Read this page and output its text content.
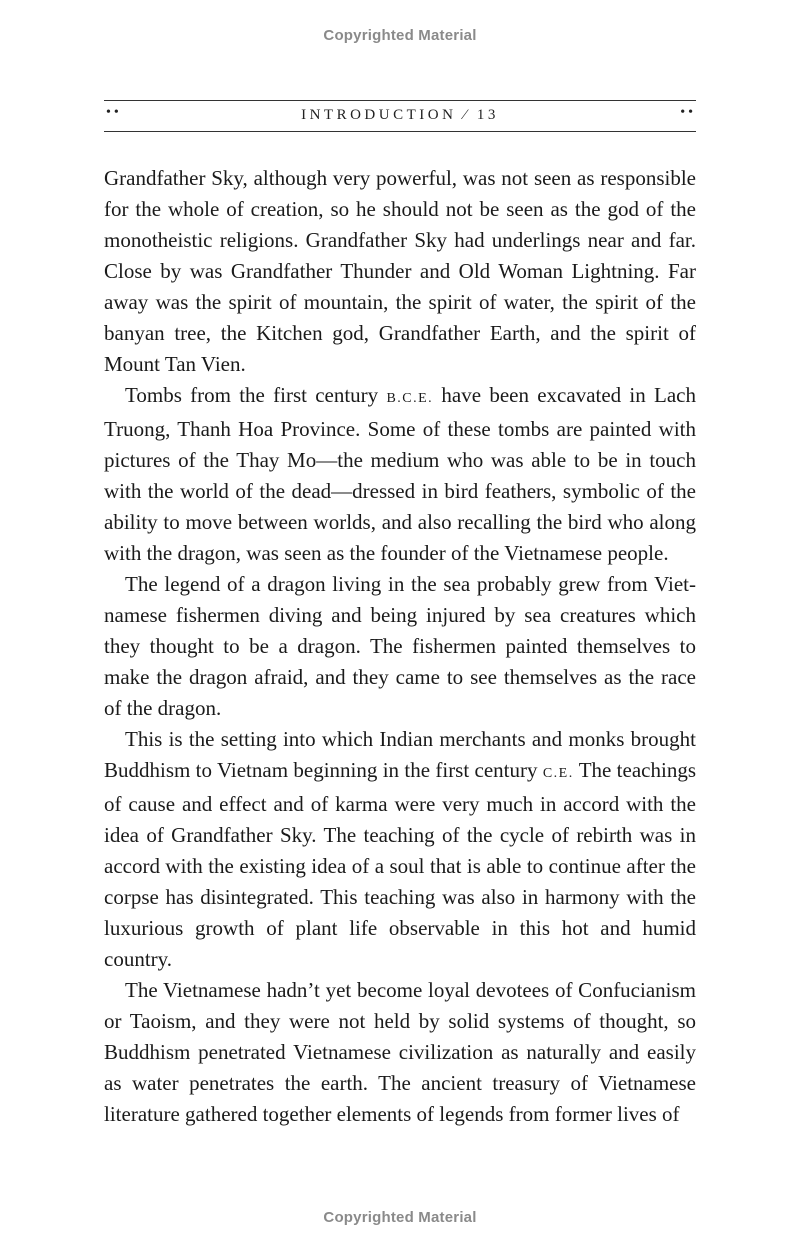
Copyrighted Material
••	INTRODUCTION ⁄ 13	••

Grandfather Sky, although very powerful, was not seen as responsible for the whole of creation, so he should not be seen as the god of the monotheistic religions. Grandfather Sky had underlings near and far. Close by was Grandfather Thunder and Old Woman Lightning. Far away was the spirit of mountain, the spirit of water, the spirit of the banyan tree, the Kitchen god, Grandfather Earth, and the spirit of Mount Tan Vien.

Tombs from the first century B.C.E. have been excavated in Lach Truong, Thanh Hoa Province. Some of these tombs are painted with pictures of the Thay Mo—the medium who was able to be in touch with the world of the dead—dressed in bird feathers, symbolic of the ability to move between worlds, and also recalling the bird who along with the dragon, was seen as the founder of the Vietnamese people.

The legend of a dragon living in the sea probably grew from Vietnamese fishermen diving and being injured by sea creatures which they thought to be a dragon. The fishermen painted themselves to make the dragon afraid, and they came to see themselves as the race of the dragon.

This is the setting into which Indian merchants and monks brought Buddhism to Vietnam beginning in the first century C.E. The teachings of cause and effect and of karma were very much in accord with the idea of Grandfather Sky. The teaching of the cycle of rebirth was in accord with the existing idea of a soul that is able to continue after the corpse has disintegrated. This teaching was also in harmony with the luxurious growth of plant life observable in this hot and humid country.

The Vietnamese hadn’t yet become loyal devotees of Confucianism or Taoism, and they were not held by solid systems of thought, so Buddhism penetrated Vietnamese civilization as naturally and easily as water penetrates the earth. The ancient treasury of Vietnamese literature gathered together elements of legends from former lives of

Copyrighted Material
